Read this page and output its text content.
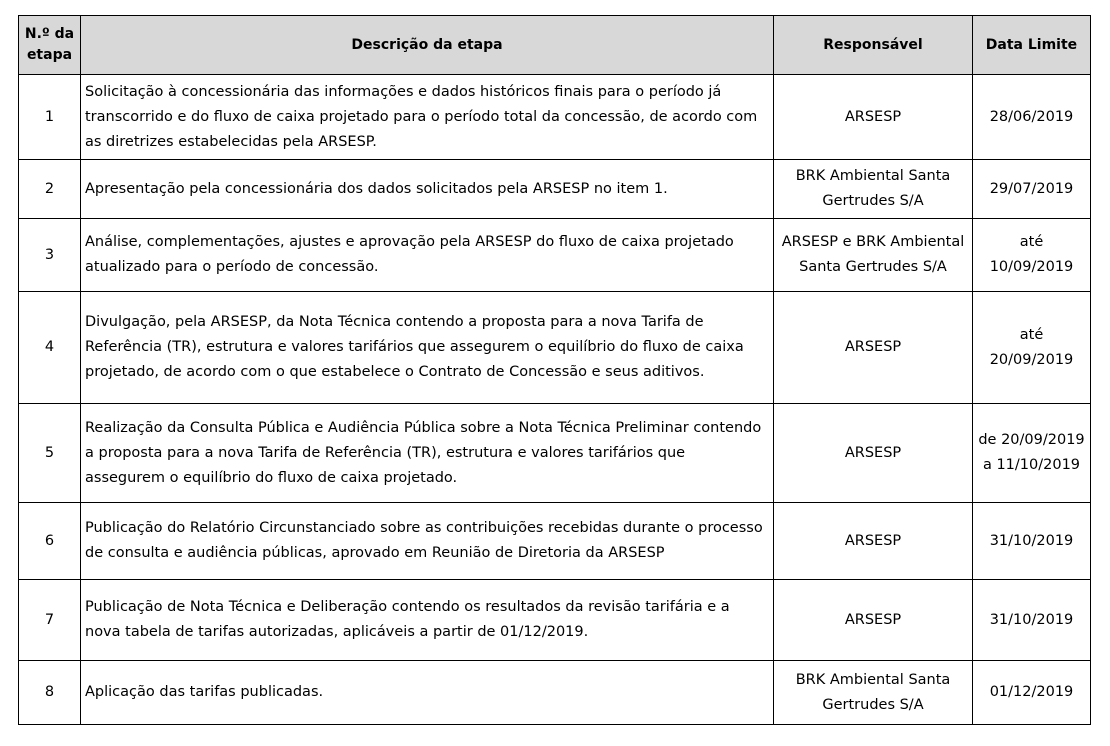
N.º da etapa	Descrição da etapa	Responsável	Data Limite
1	Solicitação à concessionária das informações e dados históricos finais para o período já transcorrido e do fluxo de caixa projetado para o período total da concessão, de acordo com as diretrizes estabelecidas pela ARSESP.	ARSESP	28/06/2019
2	Apresentação pela concessionária dos dados solicitados pela ARSESP no item 1.	BRK Ambiental Santa Gertrudes S/A	29/07/2019
3	Análise, complementações, ajustes e aprovação pela ARSESP do fluxo de caixa projetado atualizado para o período de concessão.	ARSESP e BRK Ambiental Santa Gertrudes S/A	até 10/09/2019
4	Divulgação, pela ARSESP, da Nota Técnica contendo a proposta para a nova Tarifa de Referência (TR), estrutura e valores tarifários que assegurem o equilíbrio do fluxo de caixa projetado, de acordo com o que estabelece o Contrato de Concessão e seus aditivos.	ARSESP	até 20/09/2019
5	Realização da Consulta Pública e Audiência Pública sobre a Nota Técnica Preliminar contendo a proposta para a nova Tarifa de Referência (TR), estrutura e valores tarifários que assegurem o equilíbrio do fluxo de caixa projetado.	ARSESP	de 20/09/2019 a 11/10/2019
6	Publicação do Relatório Circunstanciado sobre as contribuições recebidas durante o processo de consulta e audiência públicas, aprovado em Reunião de Diretoria da ARSESP	ARSESP	31/10/2019
7	Publicação de Nota Técnica e Deliberação contendo os resultados da revisão tarifária e a nova tabela de tarifas autorizadas, aplicáveis a partir de 01/12/2019.	ARSESP	31/10/2019
8	Aplicação das tarifas publicadas.	BRK Ambiental Santa Gertrudes S/A	01/12/2019
